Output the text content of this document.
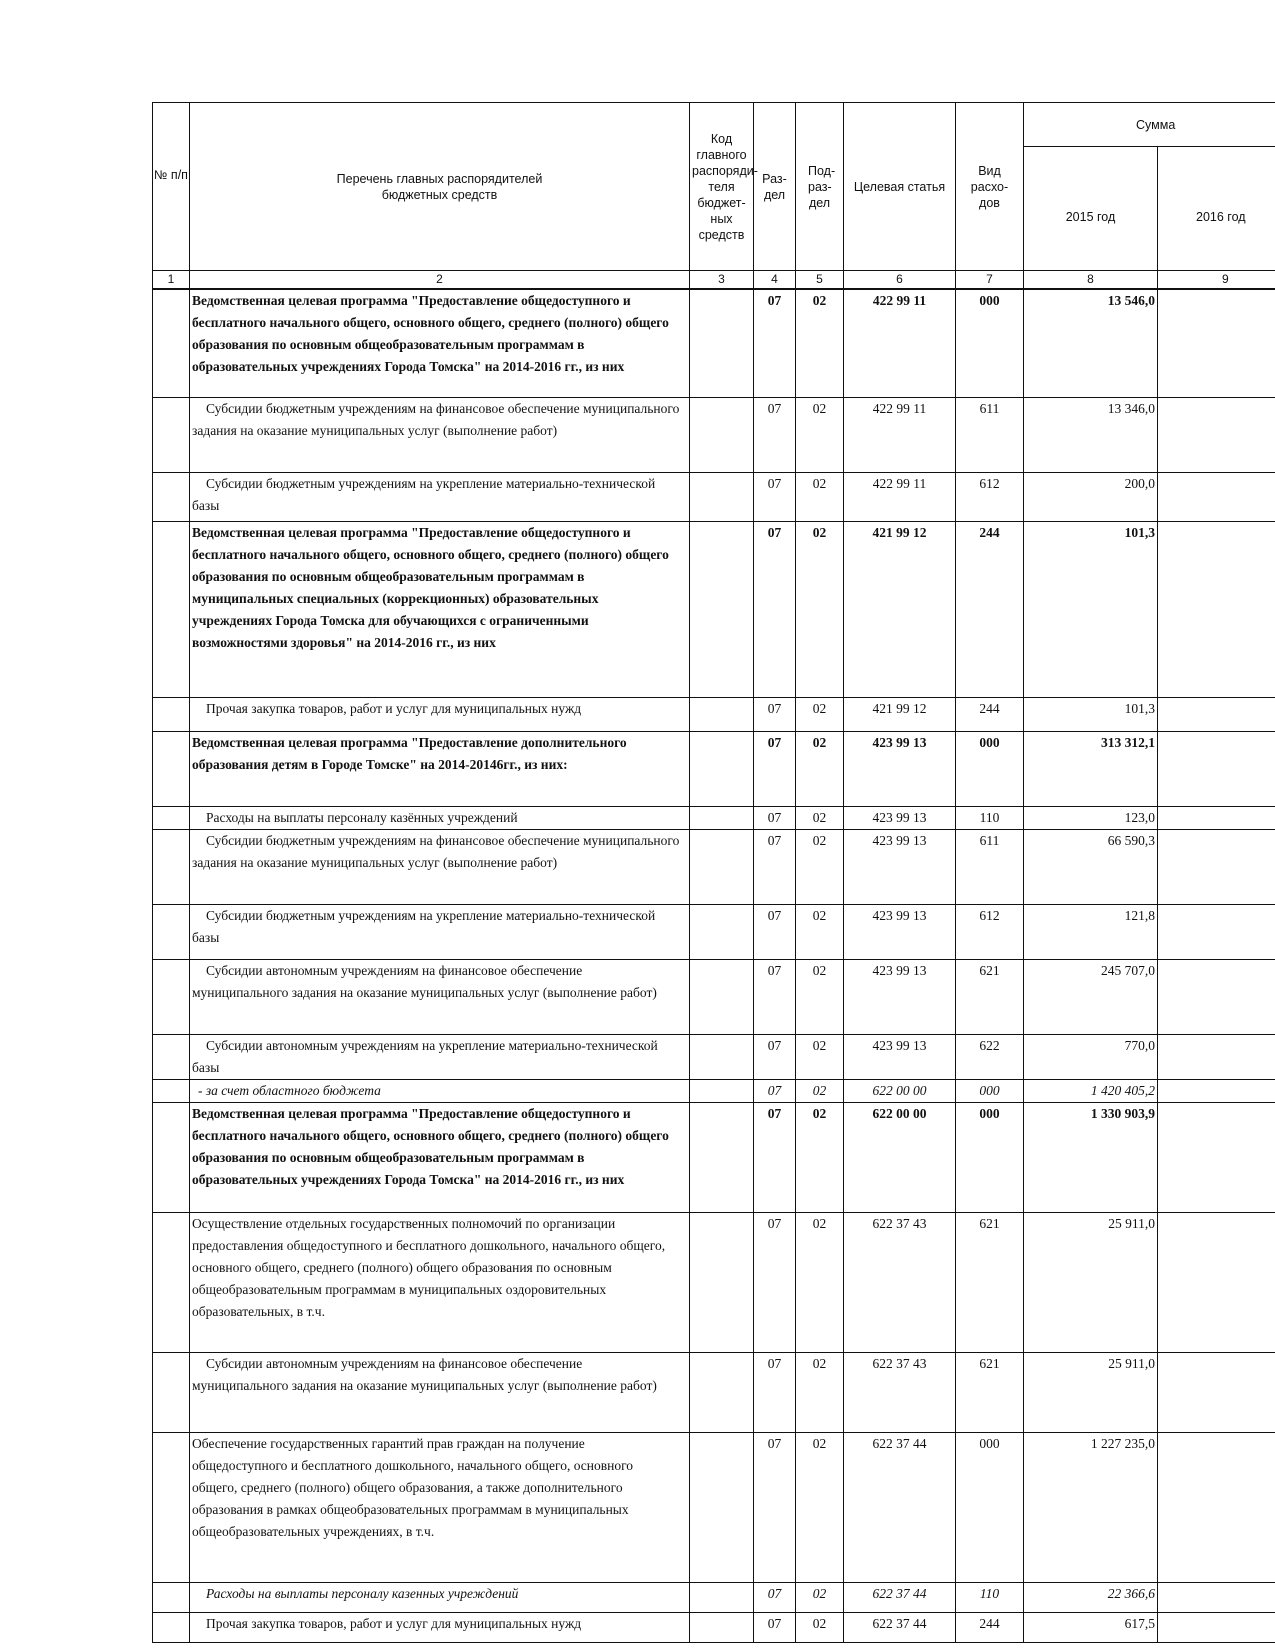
№ п/п	Перечень главных распорядителей бюджетных средств	Код главного распоряди-теля бюджет-ных средств	Раз-дел	Под-раз-дел	Целевая статья	Вид расхо-дов	Сумма	
							2015 год	2016 год
1	2	3	4	5	6	7	8	9
	Ведомственная целевая программа "Предоставление общедоступного и бесплатного начального общего, основного общего, среднего (полного) общего образования по основным общеобразовательным программам в образовательных учреждениях Города Томска" на 2014-2016 гг., из них		07	02	422 99 11	000	13 546,0	
	Субсидии бюджетным учреждениям на финансовое обеспечение муниципального задания на оказание муниципальных услуг (выполнение работ)		07	02	422 99 11	611	13 346,0	
	Субсидии бюджетным учреждениям на укрепление материально-технической базы		07	02	422 99 11	612	200,0	
	Ведомственная целевая программа "Предоставление общедоступного и бесплатного начального общего, основного общего, среднего (полного) общего образования по основным общеобразовательным программам в муниципальных специальных (коррекционных) образовательных учреждениях Города Томска для обучающихся с ограниченными возможностями здоровья" на 2014-2016 гг., из них		07	02	421 99 12	244	101,3	
	Прочая закупка товаров, работ и услуг для муниципальных нужд		07	02	421 99 12	244	101,3	
	Ведомственная целевая программа "Предоставление дополнительного образования детям в Городе Томске" на 2014-20146гг., из них:		07	02	423 99 13	000	313 312,1	
	Расходы на выплаты персоналу казённых учреждений		07	02	423 99 13	110	123,0	
	Субсидии бюджетным учреждениям на финансовое обеспечение муниципального задания на оказание муниципальных услуг (выполнение работ)		07	02	423 99 13	611	66 590,3	
	Субсидии бюджетным учреждениям на укрепление материально-технической базы		07	02	423 99 13	612	121,8	
	Субсидии автономным учреждениям на финансовое обеспечение муниципального задания на оказание муниципальных услуг (выполнение работ)		07	02	423 99 13	621	245 707,0	
	Субсидии автономным учреждениям на укрепление материально-технической базы		07	02	423 99 13	622	770,0	
	- за счет областного бюджета		07	02	622 00 00	000	1 420 405,2	
	Ведомственная целевая программа "Предоставление общедоступного и бесплатного начального общего, основного общего, среднего (полного) общего образования по основным общеобразовательным программам в образовательных учреждениях Города Томска" на 2014-2016 гг., из них		07	02	622 00 00	000	1 330 903,9	
	Осуществление отдельных государственных полномочий по организации предоставления общедоступного и бесплатного дошкольного, начального общего, основного общего, среднего (полного) общего образования по основным общеобразовательным программам в муниципальных оздоровительных образовательных, в т.ч.		07	02	622 37 43	621	25 911,0	
	Субсидии автономным учреждениям на финансовое обеспечение муниципального задания на оказание муниципальных услуг (выполнение работ)		07	02	622 37 43	621	25 911,0	
	Обеспечение государственных гарантий прав граждан на получение общедоступного и бесплатного дошкольного, начального общего, основного общего, среднего (полного) общего образования, а также дополнительного образования в рамках общеобразовательных программам в муниципальных общеобразовательных учреждениях, в т.ч.		07	02	622 37 44	000	1 227 235,0	
	Расходы на выплаты персоналу казенных учреждений		07	02	622 37 44	110	22 366,6	
	Прочая закупка товаров, работ и услуг для муниципальных нужд		07	02	622 37 44	244	617,5	
